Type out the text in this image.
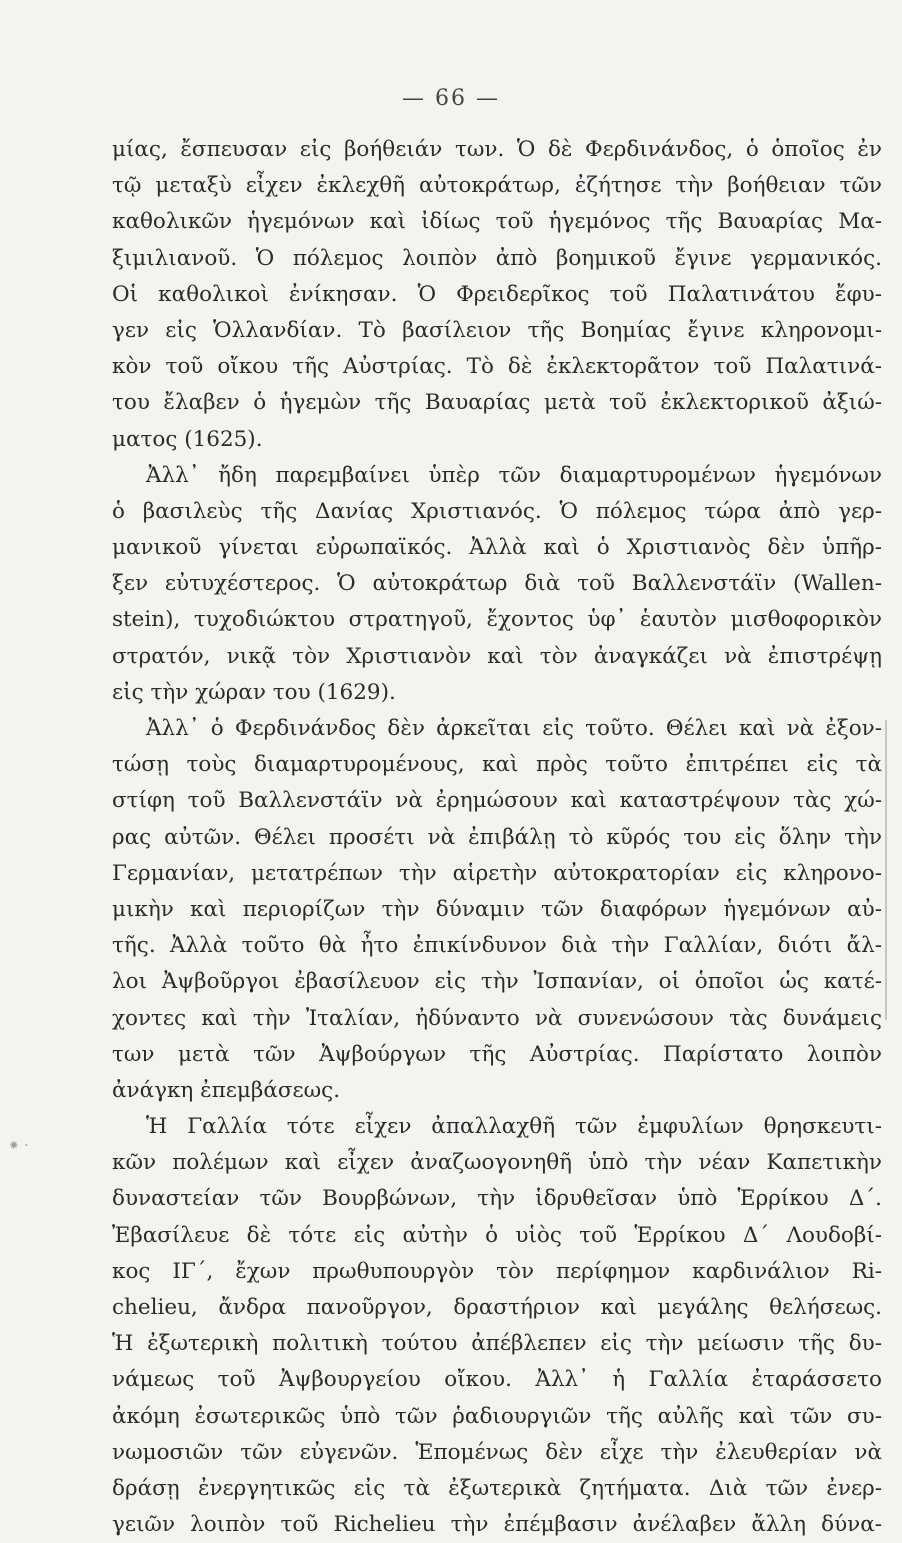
— 66 —
⁕ ·
μίας, ἔσπευσαν εἰς βοήθειάν των. Ὁ δὲ Φερδινάνδος, ὁ ὁποῖος ἐν
τῷ μεταξὺ εἶχεν ἐκλεχθῆ αὐτοκράτωρ, ἐζήτησε τὴν βοήθειαν τῶν
καθολικῶν ἡγεμόνων καὶ ἰδίως τοῦ ἡγεμόνος τῆς Βαυαρίας Μα-
ξιμιλιανοῦ. Ὁ πόλεμος λοιπὸν ἀπὸ βοημικοῦ ἔγινε γερμανικός.
Οἱ καθολικοὶ ἐνίκησαν. Ὁ Φρειδερῖκος τοῦ Παλατινάτου ἔφυ-
γεν εἰς Ὁλλανδίαν. Τὸ βασίλειον τῆς Βοημίας ἔγινε κληρονομι-
κὸν τοῦ οἴκου τῆς Αὐστρίας. Τὸ δὲ ἐκλεκτορᾶτον τοῦ Παλατινά-
του ἔλαβεν ὁ ἡγεμὼν τῆς Βαυαρίας μετὰ τοῦ ἐκλεκτορικοῦ ἀξιώ-
ματος (1625).
Ἀλλ᾿ ἤδη παρεμβαίνει ὑπὲρ τῶν διαμαρτυρομένων ἡγεμόνων
ὁ βασιλεὺς τῆς Δανίας Χριστιανός. Ὁ πόλεμος τώρα ἀπὸ γερ-
μανικοῦ γίνεται εὐρωπαϊκός. Ἀλλὰ καὶ ὁ Χριστιανὸς δὲν ὑπῆρ-
ξεν εὐτυχέστερος. Ὁ αὐτοκράτωρ διὰ τοῦ Βαλλενστάϊν (Wallen-
stein), τυχοδιώκτου στρατηγοῦ, ἔχοντος ὑφ᾿ ἑαυτὸν μισθοφορικὸν
στρατόν, νικᾷ τὸν Χριστιανὸν καὶ τὸν ἀναγκάζει νὰ ἐπιστρέψῃ
εἰς τὴν χώραν του (1629).
Ἀλλ᾿ ὁ Φερδινάνδος δὲν ἀρκεῖται εἰς τοῦτο. Θέλει καὶ νὰ ἐξον-
τώσῃ τοὺς διαμαρτυρομένους, καὶ πρὸς τοῦτο ἐπιτρέπει εἰς τὰ
στίφη τοῦ Βαλλενστάϊν νὰ ἐρημώσουν καὶ καταστρέψουν τὰς χώ-
ρας αὐτῶν. Θέλει προσέτι νὰ ἐπιβάλῃ τὸ κῦρός του εἰς ὅλην τὴν
Γερμανίαν, μετατρέπων τὴν αἱρετὴν αὐτοκρατορίαν εἰς κληρονο-
μικὴν καὶ περιορίζων τὴν δύναμιν τῶν διαφόρων ἡγεμόνων αὐ-
τῆς. Ἀλλὰ τοῦτο θὰ ἦτο ἐπικίνδυνον διὰ τὴν Γαλλίαν, διότι ἄλ-
λοι Ἀψβοῦργοι ἐβασίλευον εἰς τὴν Ἰσπανίαν, οἱ ὁποῖοι ὡς κατέ-
χοντες καὶ τὴν Ἰταλίαν, ἠδύναντο νὰ συνενώσουν τὰς δυνάμεις
των μετὰ τῶν Ἀψβούργων τῆς Αὐστρίας. Παρίστατο λοιπὸν
ἀνάγκη ἐπεμβάσεως.
Ἡ Γαλλία τότε εἶχεν ἀπαλλαχθῆ τῶν ἐμφυλίων θρησκευτι-
κῶν πολέμων καὶ εἶχεν ἀναζωογονηθῆ ὑπὸ τὴν νέαν Καπετικὴν
δυναστείαν τῶν Βουρβώνων, τὴν ἱδρυθεῖσαν ὑπὸ Ἑρρίκου Δ΄.
Ἐβασίλευε δὲ τότε εἰς αὐτὴν ὁ υἱὸς τοῦ Ἑρρίκου Δ΄ Λουδοβί-
κος ΙΓ΄, ἔχων πρωθυπουργὸν τὸν περίφημον καρδινάλιον Ri-
chelieu, ἄνδρα πανοῦργον, δραστήριον καὶ μεγάλης θελήσεως.
Ἡ ἐξωτερικὴ πολιτικὴ τούτου ἀπέβλεπεν εἰς τὴν μείωσιν τῆς δυ-
νάμεως τοῦ Ἀψβουργείου οἴκου. Ἀλλ᾿ ἡ Γαλλία ἐταράσσετο
ἀκόμη ἐσωτερικῶς ὑπὸ τῶν ῥαδιουργιῶν τῆς αὐλῆς καὶ τῶν συ-
νωμοσιῶν τῶν εὐγενῶν. Ἑπομένως δὲν εἶχε τὴν ἐλευθερίαν νὰ
δράσῃ ἐνεργητικῶς εἰς τὰ ἐξωτερικὰ ζητήματα. Διὰ τῶν ἐνερ-
γειῶν λοιπὸν τοῦ Richelieu τὴν ἐπέμβασιν ἀνέλαβεν ἄλλη δύνα-
